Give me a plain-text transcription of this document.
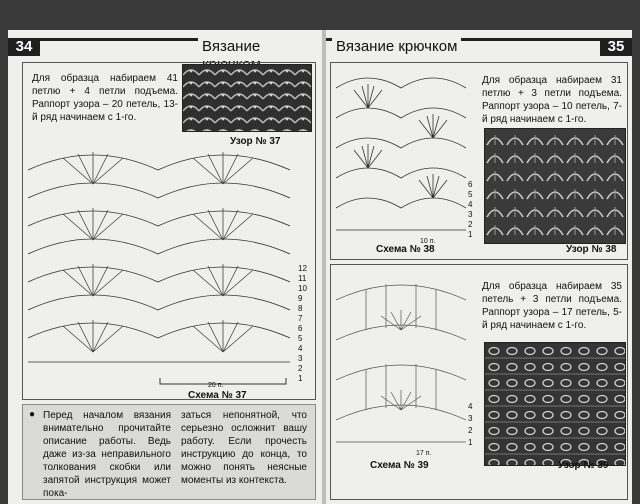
34	Вязание
Для образца набираем 41 петлю + 4 петли подъема. Раппорт узора – 20 петель, 13-й ряд начинаем с 1-го.
Узор № 37
20 п.
12
11
10
9
8
7
6
5
4
3
2
1
Схема № 37
● Перед началом вязания внимательно прочитайте описание работы. Ведь даже из-за неправильного толкования скобки или запятой инструкция может пока-
заться непонятной, что серьезно осложнит вашу работу. Если прочесть инструкцию до конца, то можно понять неясные моменты из контекста.
Вязание крючком	35
10 п.
6
5
4
3
2
1
Для образца набираем 31 петлю + 3 петли подъема. Раппорт узора – 10 петель, 7-й ряд начинаем с 1-го.
Схема № 38	Узор № 38
17 п.
4
3
2
1
Для образца набираем 35 петель + 3 петли подъема. Раппорт узора – 17 петель, 5-й ряд начинаем с 1-го.
Схема № 39	Узор № 39
